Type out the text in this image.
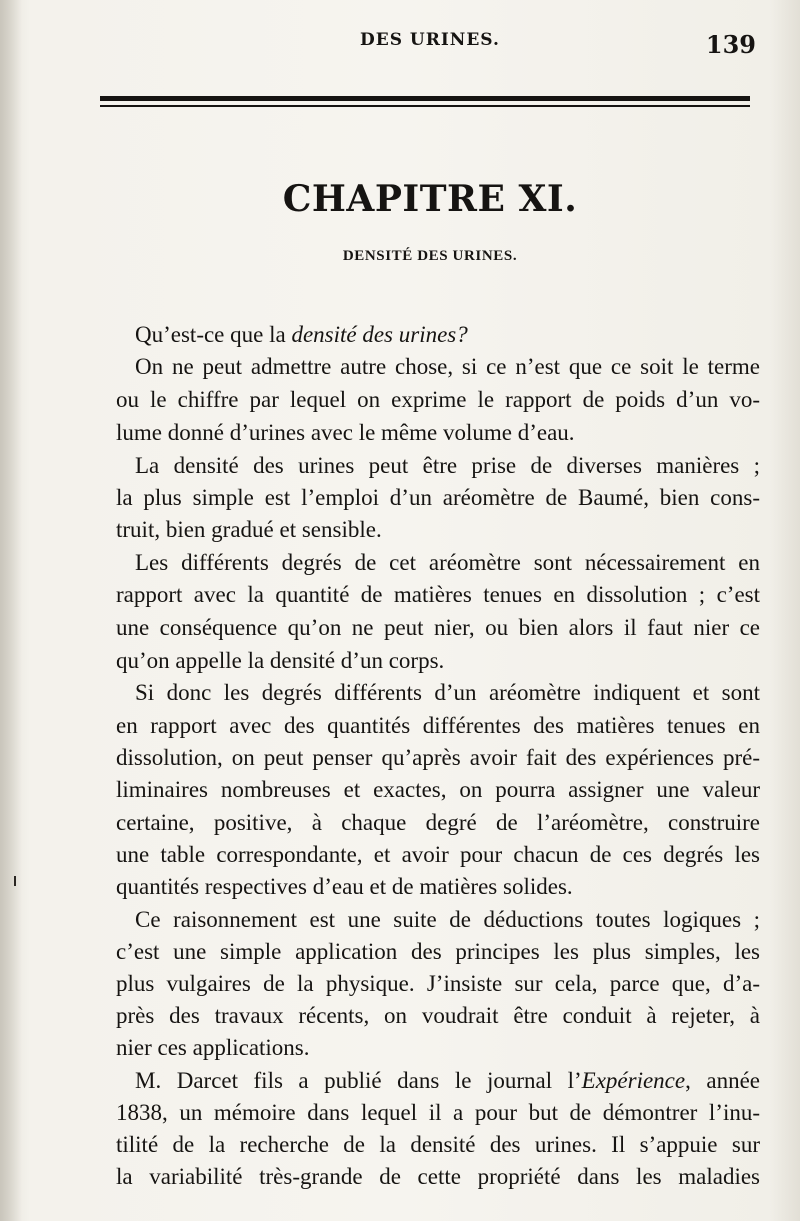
DES URINES.	139
CHAPITRE XI.
DENSITÉ DES URINES.
Qu’est-ce que la densité des urines?
On ne peut admettre autre chose, si ce n’est que ce soit le terme
ou le chiffre par lequel on exprime le rapport de poids d’un vo-
lume donné d’urines avec le même volume d’eau.
La densité des urines peut être prise de diverses manières ;
la plus simple est l’emploi d’un aréomètre de Baumé, bien cons-
truit, bien gradué et sensible.
Les différents degrés de cet aréomètre sont nécessairement en
rapport avec la quantité de matières tenues en dissolution ; c’est
une conséquence qu’on ne peut nier, ou bien alors il faut nier ce
qu’on appelle la densité d’un corps.
Si donc les degrés différents d’un aréomètre indiquent et sont
en rapport avec des quantités différentes des matières tenues en
dissolution, on peut penser qu’après avoir fait des expériences pré-
liminaires nombreuses et exactes, on pourra assigner une valeur
certaine, positive, à chaque degré de l’aréomètre, construire
une table correspondante, et avoir pour chacun de ces degrés les
quantités respectives d’eau et de matières solides.
Ce raisonnement est une suite de déductions toutes logiques ;
c’est une simple application des principes les plus simples, les
plus vulgaires de la physique. J’insiste sur cela, parce que, d’a-
près des travaux récents, on voudrait être conduit à rejeter, à
nier ces applications.
M. Darcet fils a publié dans le journal l’Expérience, année
1838, un mémoire dans lequel il a pour but de démontrer l’inu-
tilité de la recherche de la densité des urines. Il s’appuie sur
la variabilité très-grande de cette propriété dans les maladies
